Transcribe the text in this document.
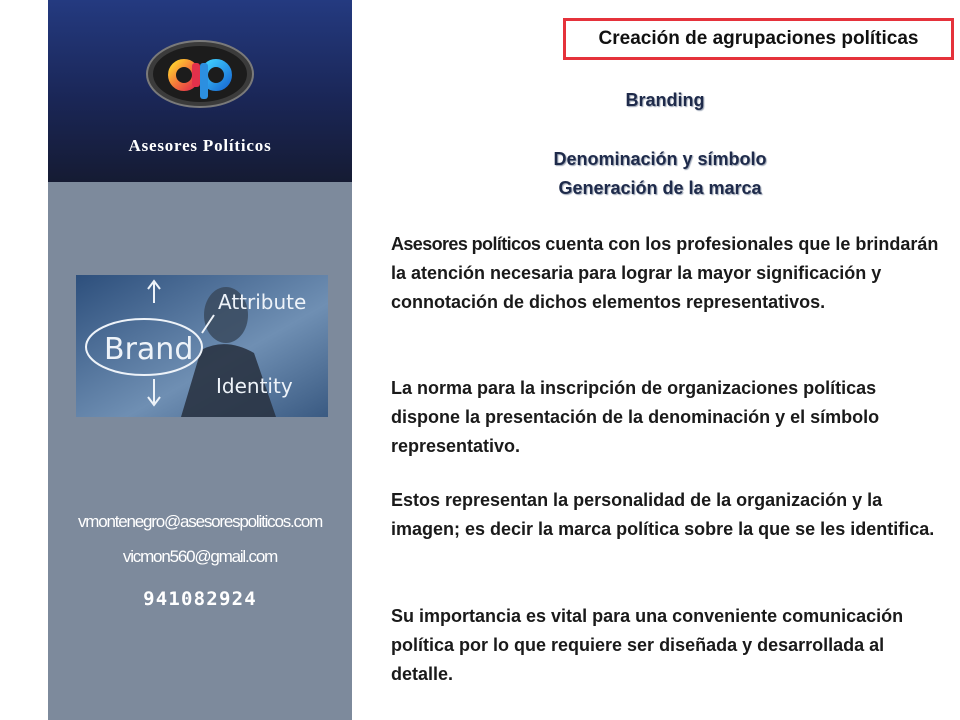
Asesores Políticos
Brand
Attribute
Identity
vmontenegro@asesorespoliticos.com
vicmon560@gmail.com
941082924
Creación de agrupaciones políticas
Branding
Denominación y símbolo
Generación de la marca
Asesores políticos cuenta con los profesionales que le brindarán la atención necesaria para lograr la mayor significación y connotación de dichos elementos representativos.
La norma para la inscripción de organizaciones políticas dispone la presentación de la denominación y el símbolo representativo.
Estos representan la personalidad de la organización y la imagen; es decir la marca política sobre la que se les identifica.
Su importancia es vital para una conveniente comunicación política por lo que requiere ser diseñada y desarrollada al detalle.
